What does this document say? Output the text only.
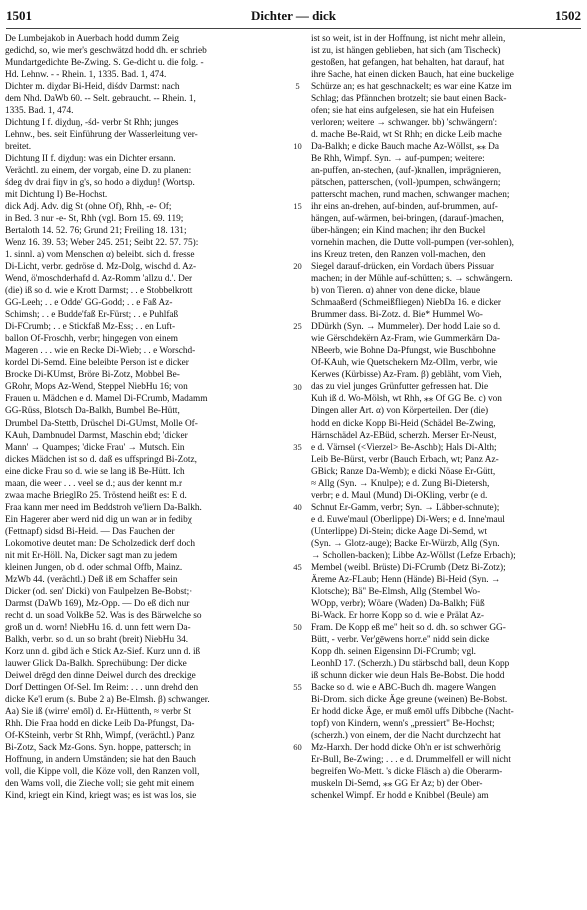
1501	Dichter — dick	1502
De Lumbejakob in Auerbach hodd dumm Zeig
gedichd, so, wie mer's geschwätzd hodd dh. er schrieb
Mundartgedichte Be-Zwing. S. Ge-dicht u. die folg. -
Hd. Lehnw. - - Rhein. 1, 1335. Bad. 1, 474.
Dichter m. diχdər Bi-Heid, diśdv Darmst: nach
dem Nhd. DaWb 60. -- Selt. gebraucht. -- Rhein. 1,
1335. Bad. 1, 474.
Dichtung I f. diχduŋ, -śd- verbr St Rhh; junges
Lehnw., bes. seit Einführung der Wasserleitung ver-
breitet.
Dichtung II f. diχduŋ: was ein Dichter ersann.
Verächtl. zu einem, der vorgab, eine D. zu planen:
śdeg dv drai fiŋv in g's, so hodo ə diχduŋ! (Wortsp.
mit Dichtung I) Be-Hochst.
dick Adj. Adv. dig St (ohne Of), Rhh, -e- Of;
in Bed. 3 nur -e- St, Rhh (vgl. Born 15. 69. 119;
Bertaloth 14. 52. 76; Grund 21; Freiling 18. 131;
Wenz 16. 39. 53; Weber 245. 251; Seibt 22. 57. 75):
1. sinnl. a) vom Menschen α) beleibt. sich d. fresse
Di-Licht, verbr. gedröse d. Mz-Dolg, wischd d. Az-
Wend, ö'moschderhafd d. Az-Romm 'allzu d.'. Der
(die) iß so d. wie e Krott Darmst; . . e Stobbelkrott
GG-Leeh; . . e Odde' GG-Godd; . . e Faß Az-
Schimsh; . . e Budde'faß Er-Fürst; . . e Puhlfaß
Di-FCrumb; . . e Stickfaß Mz-Ess; . . en Luft-
ballon Of-Froschh, verbr; hingegen von einem
Mageren . . . wie en Recke Di-Wieb; . . e Worschd-
kordel Di-Semd. Eine beleibte Person ist e dicker
Brocke Di-KUmst, Bröre Bi-Zotz, Mobbel Be-
GRohr, Mops Az-Wend, Steppel NiebHu 16; von
Frauen u. Mädchen e d. Mamel Di-FCrumb, Madamm
GG-Rüss, Blotsch Da-Balkh, Bumbel Be-Hütt,
Drumbel Da-Stettb, Drüschel Di-GUmst, Molle Of-
KAuh, Dambnudel Darmst, Maschin ebd; 'dicker
Mann' → Quampes; 'dicke Frau' → Mutsch. Ein
dickes Mädchen ist so d. daß es uffspringd Bi-Zotz,
eine dicke Frau so d. wie se lang iß Be-Hütt. Ich
maan, die weer . . . veel se d.; aus der kennt m.r
zwaa mache BrieglRo 25. Tröstend heißt es: E d.
Fraa kann mer need im Beddstroh ve'liern Da-Balkh.
Ein Hagerer aber werd nid dig un wan ər in fedibχ
(Fettnapf) sidsd Bi-Heid. — Das Fauchen der
Lokomotive deutet man: De Scholzedick derf doch
nit mit Er-Höll. Na, Dicker sagt man zu jedem
kleinen Jungen, ob d. oder schmal Offb, Mainz.
MzWb 44. (verächtl.) Deß iß em Schaffer sein
Dicker (od. sen' Dicki) von Faulpelzen Be-Bobst;·
Darmst (DaWb 169), Mz-Opp. — Do eß dich nur
recht d. un soad VolkBe 52. Was is des Bärwelche so
groß un d. worn! NiebHu 16. d. unn fett wern Da-
Balkh, verbr. so d. un so braht (breit) NiebHu 34.
Korz unn d. gibd äch e Stick Az-Sief. Kurz unn d. iß
lauwer Glick Da-Balkh. Sprechübung: Der dicke
Deiwel drēgd den dinne Deiwel durch des dreckige
Dorf Dettingen Of-Sel. Im Reim: . . . unn drehd den
dicke Ke'l erum (s. Bube 2 a) Be-Elmsh. β) schwanger.
Aa) Sie iß (wirre' emōl) d. Er-Hüttenth, ≈ verbr St
Rhh. Die Fraa hodd en dicke Leib Da-Pfungst, Da-
Of-KSteinh, verbr St Rhh, Wimpf, (verächtl.) Panz
Bi-Zotz, Sack Mz-Gons. Syn. hoppe, pattersch; in
Hoffnung, in andern Umständen; sie hat den Bauch
voll, die Kippe voll, die Köze voll, den Ranzen voll,
den Wams voll, die Zieche voll; sie geht mit einem
Kind, kriegt ein Kind, kriegt was; es ist was los, sie
5
10
15
20
25
30
35
40
45
50
55
60
ist so weit, ist in der Hoffnung, ist nicht mehr allein,
ist zu, ist hängen geblieben, hat sich (am Tischeck)
gestoßen, hat gefangen, hat behalten, hat darauf, hat
ihre Sache, hat einen dicken Bauch, hat eine buckelige
Schürze an; es hat geschnackelt; es war eine Katze im
Schlag; das Pfännchen brotzelt; sie baut einen Back-
ofen; sie hat eins aufgelesen, sie hat ein Hufeisen
verloren; weitere → schwanger. bb) 'schwängern':
d. mache Be-Raid, wt St Rhh; en dicke Leib mache
Da-Balkh; e dicke Bauch mache Az-Wöllst, ⁎⁎ Da
Be Rhh, Wimpf. Syn. → auf-pumpen; weitere:
an-puffen, an-stechen, (auf-)knallen, imprägnieren,
pätschen, patterschen, (voll-)pumpen, schwängern;
patterscht machen, rund machen, schwanger machen;
ihr eins an-drehen, auf-binden, auf-brummen, auf-
hängen, auf-wärmen, bei-bringen, (darauf-)machen,
über-hängen; ein Kind machen; ihr den Buckel
vornehin machen, die Dutte voll-pumpen (ver-sohlen),
ins Kreuz treten, den Ranzen voll-machen, den
Siegel darauf-drücken, ein Vordach übers Pissuar
machen; in der Mühle auf-schütten; s. → schwängern.
b) von Tieren. α) ahner von dene dicke, blaue
Schmaaßerd (Schmeißfliegen) NiebDa 16. e dicker
Brummer dass. Bi-Zotz. d. Bie* Hummel Wo-
DDürkh (Syn. → Mummeler). Der hodd Laie so d.
wie Gërschdekërn Az-Fram, wie Gummerkärn Da-
NBeerb, wie Bohne Da-Pfungst, wie Buschbohne
Of-KAuh, wie Quetschekern Mz-OIlm, verbr, wie
Kerwes (Kürbisse) Az-Fram. β) gebläht, vom Vieh,
das zu viel junges Grünfutter gefressen hat. Die
Kuh iß d. Wo-Mölsh, wt Rhh, ⁎⁎ Of GG Be. c) von
Dingen aller Art. α) von Körperteilen. Der (die)
hodd en dicke Kopp Bi-Heid (Schädel Be-Zwing,
Härnschädel Az-EBüd, scherzh. Merser Er-Neust,
e d. Värnsel (<Vierzel> Be-Aschb); Hals Di-Alth;
Leib Be-Bürst, verbr (Bauch Erbach, wt; Panz Az-
GBick; Ranze Da-Wemb); e dicki Nöase Er-Gütt,
≈ Allg (Syn. → Knulpe); e d. Zung Bi-Dietersh,
verbr; e d. Maul (Mund) Di-OKling, verbr (e d.
Schnut Er-Gamm, verbr; Syn. → Läbber-schnute);
e d. Euwe'maul (Oberlippe) Di-Wers; e d. Inne'maul
(Unterlippe) Di-Stein; dicke Aage Di-Semd, wt
(Syn. → Glotz-auge); Backe Er-Würzb, Allg (Syn.
→ Schollen-backen); Libbe Az-Wöllst (Lefze Erbach);
Membel (weibl. Brüste) Di-FCrumb (Detz Bi-Zotz);
Äreme Az-FLaub; Henn (Hände) Bi-Heid (Syn. →
Klotsche); Bä" Be-Elmsh, Allg (Stembel Wo-
WOpp, verbr); Wöare (Waden) Da-Balkh; Füß
Bi-Wack. Er horre Kopp so d. wie e Prälat Az-
Fram. De Kopp eß me" heit so d. dh. so schwer GG-
Bütt, - verbr. Ver'gēwens horr.e" nidd sein dicke
Kopp dh. seinen Eigensinn Di-FCrumb; vgl.
LeonhD 17. (Scherzh.) Du stärbschd ball, deun Kopp
iß schunn dicker wie deun Hals Be-Bobst. Die hodd
Backe so d. wie e ABC-Buch dh. magere Wangen
Bi-Drom. sich dicke Äge greune (weinen) Be-Bobst.
Er hodd dicke Äge, er muß emōl uffs Dibbche (Nacht-
topf) von Kindern, wenn's „pressiert" Be-Hochst;
(scherzh.) von einem, der die Nacht durchzecht hat
Mz-Harxh. Der hodd dicke Oh'n er ist schwerhörig
Er-Bull, Be-Zwing; . . . e d. Drummelfell er will nicht
begreifen Wo-Mett. 's dicke Fläsch a) die Oberarm-
muskeln Di-Semd, ⁎⁎ GG Er Az; b) der Ober-
schenkel Wimpf. Er hodd e Knibbel (Beule) am
